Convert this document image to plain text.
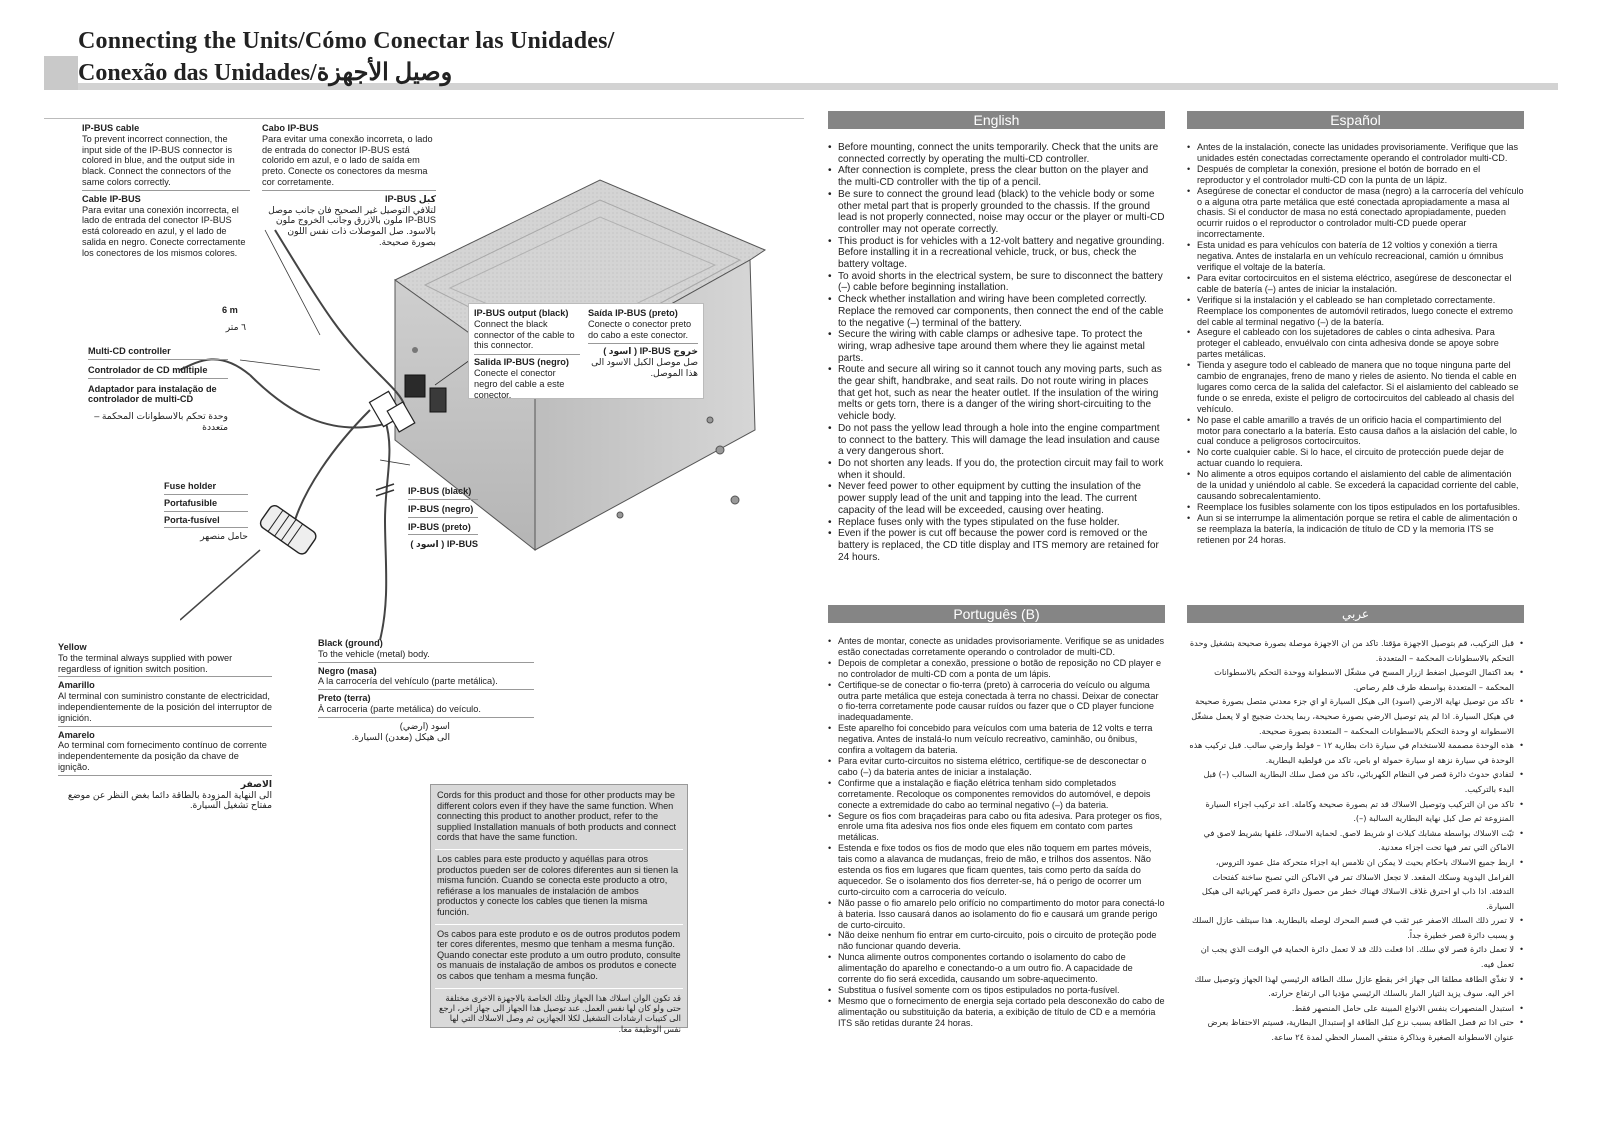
Connecting the Units/Cómo Conectar las Unidades/
Conexão das Unidades/وصيل الأجهزة
IP-BUS cable
To prevent incorrect connection, the input side of the IP-BUS connector is colored in blue, and the output side in black. Connect the connectors of the same colors correctly.
Cable IP-BUS
Para evitar una conexión incorrecta, el lado de entrada del conector IP-BUS está coloreado en azul, y el lado de salida en negro. Conecte correctamente los conectores de los mismos colores.
Cabo IP-BUS
Para evitar uma conexão incorreta, o lado de entrada do conector IP-BUS está colorido em azul, e o lado de saída em preto. Conecte os conectores da mesma cor corretamente.
كبل IP-BUS
لتلافي التوصيل غير الصحيح فان جانب موصل IP-BUS ملون بالازرق وجانب الخروج ملون بالاسود. صل الموصلات ذات نفس اللون بصورة صحيحة.
6 m
٦ متر
Multi-CD controller
Controlador de CD múltiple
Adaptador para instalação de controlador de multi-CD
وحدة تحكم بالاسطوانات المحكمة – متعددة
Fuse holder
Portafusible
Porta-fusível
حامل منصهر
IP-BUS output (black)
Connect the black connector of the cable to this connector.
Salida IP-BUS (negro)
Conecte el conector negro del cable a este conector.
Saída IP-BUS (preto)
Conecte o conector preto do cabo a este conector.
خروج IP-BUS ( اسود )
صل موصل الكبل الاسود الى هذا الموصل.
IP-BUS (black)
IP-BUS (negro)
IP-BUS (preto)
IP-BUS ( اسود )
Yellow
To the terminal always supplied with power regardless of ignition switch position.
Amarillo
Al terminal con suministro constante de electricidad, independientemente de la posición del interruptor de ignición.
Amarelo
Ao terminal com fornecimento contínuo de corrente independentemente da posição da chave de ignição.
الاصفر
الى النهاية المزودة بالطاقة دائما بغض النظر عن موضع مفتاح تشغيل السيارة.
Black (ground)
To the vehicle (metal) body.
Negro (masa)
A la carrocería del vehículo (parte metálica).
Preto (terra)
À carroceria (parte metálica) do veículo.
اسود (ارضي)
الى هيكل (معدن) السيارة.

Cords for this product and those for other products may be different colors even if they have the same function. When connecting this product to another product, refer to the supplied Installation manuals of both products and connect cords that have the same function.

Los cables para este producto y aquéllas para otros productos pueden ser de colores diferentes aun si tienen la misma función. Cuando se conecta este producto a otro, refiérase a los manuales de instalación de ambos productos y conecte los cables que tienen la misma función.

Os cabos para este produto e os de outros produtos podem ter cores diferentes, mesmo que tenham a mesma função. Quando conectar este produto a um outro produto, consulte os manuais de instalação de ambos os produtos e conecte os cabos que tenham a mesma função.

قد تكون الوان اسلاك هذا الجهاز وتلك الخاصة بالاجهزة الاخرى مختلفة حتى ولو كان لها نفس العمل. عند توصيل هذا الجهاز الى جهاز اخر، ارجع الى كتيبات ارشادات التشغيل لكلا الجهازين ثم وصل الاسلاك التي لها نفس الوظيفة معا.

English
• Before mounting, connect the units temporarily. Check that the units are connected correctly by operating the multi-CD controller.
• After connection is complete, press the clear button on the player and the multi-CD controller with the tip of a pencil.
• Be sure to connect the ground lead (black) to the vehicle body or some other metal part that is properly grounded to the chassis. If the ground lead is not properly connected, noise may occur or the player or multi-CD controller may not operate correctly.
• This product is for vehicles with a 12-volt battery and negative grounding. Before installing it in a recreational vehicle, truck, or bus, check the battery voltage.
• To avoid shorts in the electrical system, be sure to disconnect the battery (–) cable before beginning installation.
• Check whether installation and wiring have been completed correctly. Replace the removed car components, then connect the end of the cable to the negative (–) terminal of the battery.
• Secure the wiring with cable clamps or adhesive tape. To protect the wiring, wrap adhesive tape around them where they lie against metal parts.
• Route and secure all wiring so it cannot touch any moving parts, such as the gear shift, handbrake, and seat rails. Do not route wiring in places that get hot, such as near the heater outlet. If the insulation of the wiring melts or gets torn, there is a danger of the wiring short-circuiting to the vehicle body.
• Do not pass the yellow lead through a hole into the engine compartment to connect to the battery. This will damage the lead insulation and cause a very dangerous short.
• Do not shorten any leads. If you do, the protection circuit may fail to work when it should.
• Never feed power to other equipment by cutting the insulation of the power supply lead of the unit and tapping into the lead. The current capacity of the lead will be exceeded, causing over heating.
• Replace fuses only with the types stipulated on the fuse holder.
• Even if the power is cut off because the power cord is removed or the battery is replaced, the CD title display and ITS memory are retained for 24 hours.
Español
• Antes de la instalación, conecte las unidades provisoriamente. Verifique que las unidades estén conectadas correctamente operando el controlador multi-CD.
• Después de completar la conexión, presione el botón de borrado en el reproductor y el controlador multi-CD con la punta de un lápiz.
• Asegúrese de conectar el conductor de masa (negro) a la carrocería del vehículo o a alguna otra parte metálica que esté conectada apropiadamente a masa al chasis. Si el conductor de masa no está conectado apropiadamente, pueden ocurrir ruidos o el reproductor o controlador multi-CD puede operar incorrectamente.
• Esta unidad es para vehículos con batería de 12 voltios y conexión a tierra negativa. Antes de instalarla en un vehículo recreacional, camión u ómnibus verifique el voltaje de la batería.
• Para evitar cortocircuitos en el sistema eléctrico, asegúrese de desconectar el cable de batería (–) antes de iniciar la instalación.
• Verifique si la instalación y el cableado se han completado correctamente. Reemplace los componentes de automóvil retirados, luego conecte el extremo del cable al terminal negativo (–) de la batería.
• Asegure el cableado con los sujetadores de cables o cinta adhesiva. Para proteger el cableado, envuélvalo con cinta adhesiva donde se apoye sobre partes metálicas.
• Tienda y asegure todo el cableado de manera que no toque ninguna parte del cambio de engranajes, freno de mano y rieles de asiento. No tienda el cable en lugares como cerca de la salida del calefactor. Si el aislamiento del cableado se funde o se enreda, existe el peligro de cortocircuitos del cableado al chasis del vehículo.
• No pase el cable amarillo a través de un orificio hacia el compartimiento del motor para conectarlo a la batería. Esto causa daños a la aislación del cable, lo cual conduce a peligrosos cortocircuitos.
• No corte cualquier cable. Si lo hace, el circuito de protección puede dejar de actuar cuando lo requiera.
• No alimente a otros equipos cortando el aislamiento del cable de alimentación de la unidad y uniéndolo al cable. Se excederá la capacidad corriente del cable, causando sobrecalentamiento.
• Reemplace los fusibles solamente con los tipos estipulados en los portafusibles.
• Aun si se interrumpe la alimentación porque se retira el cable de alimentación o se reemplaza la batería, la indicación de título de CD y la memoria ITS se retienen por 24 horas.
Português (B)
• Antes de montar, conecte as unidades provisoriamente. Verifique se as unidades estão conectadas corretamente operando o controlador de multi-CD.
• Depois de completar a conexão, pressione o botão de reposição no CD player e no controlador de multi-CD com a ponta de um lápis.
• Certifique-se de conectar o fio-terra (preto) à carroceria do veículo ou alguma outra parte metálica que esteja conectada à terra no chassi. Deixar de conectar o fio-terra corretamente pode causar ruídos ou fazer que o CD player funcione inadequadamente.
• Este aparelho foi concebido para veículos com uma bateria de 12 volts e terra negativa. Antes de instalá-lo num veículo recreativo, caminhão, ou ônibus, confira a voltagem da bateria.
• Para evitar curto-circuitos no sistema elétrico, certifique-se de desconectar o cabo (–) da bateria antes de iniciar a instalação.
• Confirme que a instalação e fiação elétrica tenham sido completados corretamente. Recoloque os componentes removidos do automóvel, e depois conecte a extremidade do cabo ao terminal negativo (–) da bateria.
• Segure os fios com braçadeiras para cabo ou fita adesiva. Para proteger os fios, enrole uma fita adesiva nos fios onde eles fiquem em contato com partes metálicas.
• Estenda e fixe todos os fios de modo que eles não toquem em partes móveis, tais como a alavanca de mudanças, freio de mão, e trilhos dos assentos. Não estenda os fios em lugares que ficam quentes, tais como perto da saída do aquecedor. Se o isolamento dos fios derreter-se, há o perigo de ocorrer um curto-circuito com a carroceria do veículo.
• Não passe o fio amarelo pelo orifício no compartimento do motor para conectá-lo à bateria. Isso causará danos ao isolamento do fio e causará um grande perigo de curto-circuito.
• Não deixe nenhum fio entrar em curto-circuito, pois o circuito de proteção pode não funcionar quando deveria.
• Nunca alimente outros componentes cortando o isolamento do cabo de alimentação do aparelho e conectando-o a um outro fio. A capacidade de corrente do fio será excedida, causando um sobre-aquecimento.
• Substitua o fusível somente com os tipos estipulados no porta-fusível.
• Mesmo que o fornecimento de energia seja cortado pela desconexão do cabo de alimentação ou substituição da bateria, a exibição de título de CD e a memória ITS são retidas durante 24 horas.
عربي
• قبل التركيب، قم بتوصيل الاجهزة مؤقتا. تاكد من ان الاجهزة موصلة بصورة صحيحة بتشغيل وحدة التحكم بالاسطوانات المحكمة – المتعددة.
• بعد اكتمال التوصيل اضغط ازرار المسح في مشغّل الاسطوانة ووحدة التحكم بالاسطوانات المحكمة – المتعددة بواسطة طرف قلم رصاص.
• تاكد من توصيل نهاية الارضي (اسود) الى هيكل السيارة او اي جزء معدني متصل بصورة صحيحة في هيكل السيارة. اذا لم يتم توصيل الارضي بصورة صحيحة، ربما يحدث ضجيج او لا يعمل مشغّل الاسطوانة او وحدة التحكم بالاسطوانات المحكمة – المتعددة بصورة صحيحة.
• هذه الوحدة مصممة للاستخدام في سيارة ذات بطارية ١٢ – فولط وارضي سالب. قبل تركيب هذه الوحدة في سيارة نزهة او سيارة حمولة او باص، تاكد من فولطية البطارية.
• لتفادي حدوث دائرة قصر في النظام الكهربائي، تاكد من فصل سلك البطارية السالب (–) قبل البدء بالتركيب.
• تاكد من ان التركيب وتوصيل الاسلاك قد تم بصورة صحيحة وكاملة. اعد تركيب اجزاء السيارة المنزوعة ثم صل كبل نهاية البطارية السالبة (–).
• ثبّت الاسلاك بواسطة مشابك كبلات او شريط لاصق. لحماية الاسلاك، غلفها بشريط لاصق في الاماكن التي تمر فيها تحت اجزاء معدنية.
• اربط جميع الاسلاك باحكام بحيث لا يمكن ان تلامس اية اجزاء متحركة مثل عمود التروس، الفرامل اليدوية وسكك المقعد. لا تجعل الاسلاك تمر في الاماكن التي تصبح ساخنة كفتحات التدفئة. اذا ذاب او احترق غلاف الاسلاك فهناك خطر من حصول دائرة قصر كهربائية الى هيكل السيارة.
• لا تمرر ذلك السلك الاصفر عبر ثقب في قسم المحرك لوصله بالبطارية. هذا سيتلف عازل السلك و يسبب دائرة قصر خطيرة جداً.
• لا تعمل دائرة قصر لاي سلك. اذا فعلت ذلك قد لا تعمل دائرة الحماية في الوقت الذي يجب ان تعمل فيه.
• لا تغذّي الطاقة مطلقا الى جهاز اخر بقطع عازل سلك الطاقة الرئيسي لهذا الجهاز وتوصيل سلك اخر اليه. سوف يزيد التيار المار بالسلك الرئيسي مؤديا الى ارتفاع حرارته.
• استبدل المنصهرات بنفس الانواع المبينة على حامل المنصهر فقط.
• حتى اذا تم فصل الطاقة بسبب نزع كبل الطاقة او إستبدال البطارية، فسيتم الاحتفاظ بعرض عنوان الاسطوانة الصغيرة وبذاكرة منتقي المسار الحظي لمدة ٢٤ ساعة.
